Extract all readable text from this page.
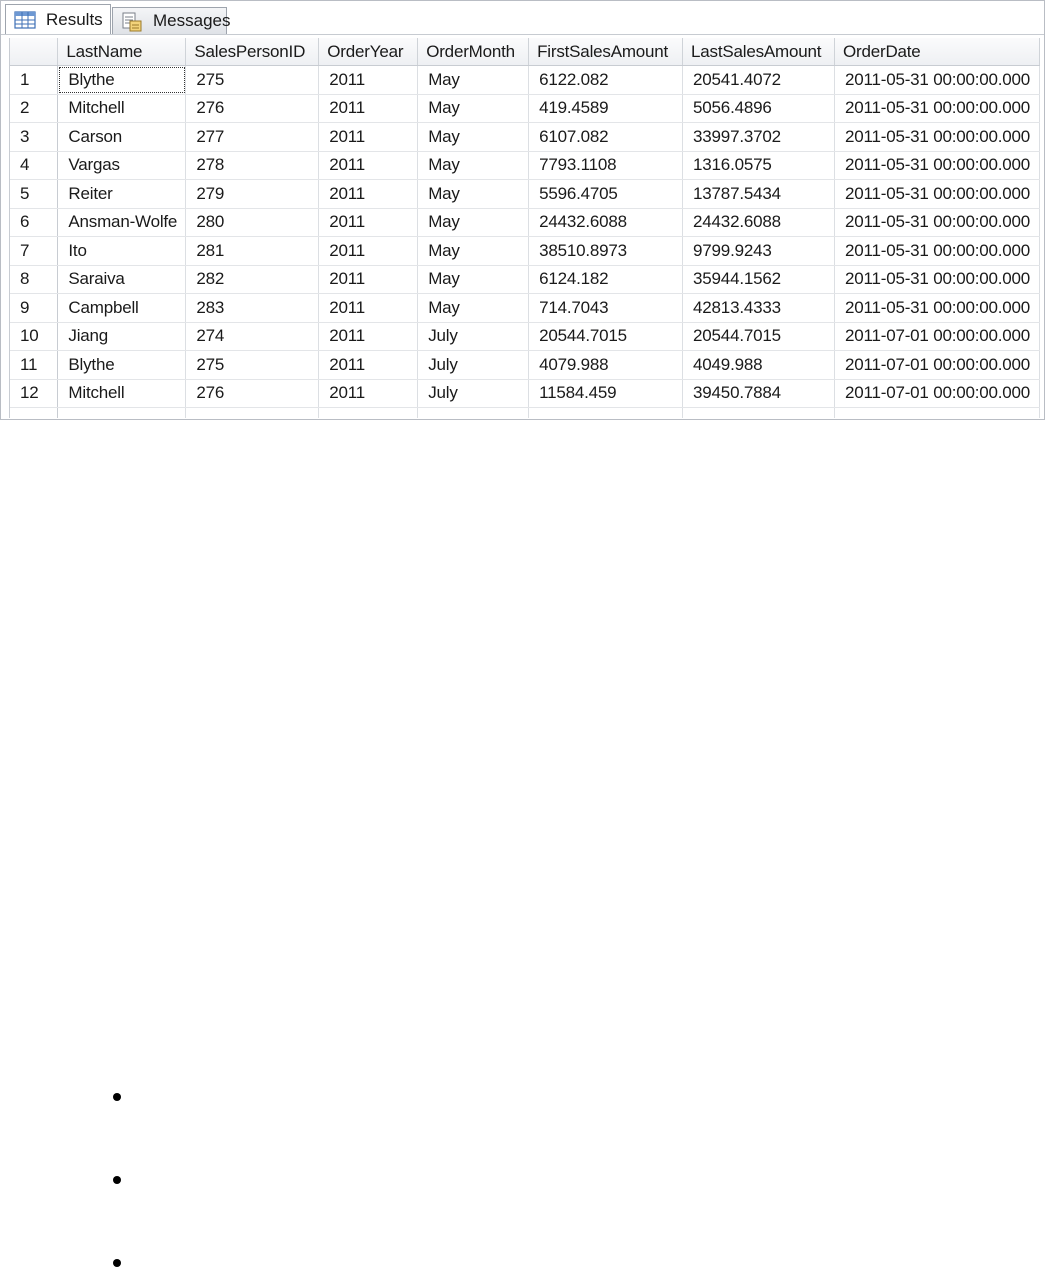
Results	Messages
	LastName	SalesPersonID	OrderYear	OrderMonth	FirstSalesAmount	LastSalesAmount	OrderDate
1	Blythe	275	2011	May	6122.082	20541.4072	2011-05-31 00:00:00.000
2	Mitchell	276	2011	May	419.4589	5056.4896	2011-05-31 00:00:00.000
3	Carson	277	2011	May	6107.082	33997.3702	2011-05-31 00:00:00.000
4	Vargas	278	2011	May	7793.1108	1316.0575	2011-05-31 00:00:00.000
5	Reiter	279	2011	May	5596.4705	13787.5434	2011-05-31 00:00:00.000
6	Ansman-Wolfe	280	2011	May	24432.6088	24432.6088	2011-05-31 00:00:00.000
7	Ito	281	2011	May	38510.8973	9799.9243	2011-05-31 00:00:00.000
8	Saraiva	282	2011	May	6124.182	35944.1562	2011-05-31 00:00:00.000
9	Campbell	283	2011	May	714.7043	42813.4333	2011-05-31 00:00:00.000
10	Jiang	274	2011	July	20544.7015	20544.7015	2011-07-01 00:00:00.000
11	Blythe	275	2011	July	4079.988	4049.988	2011-07-01 00:00:00.000
12	Mitchell	276	2011	July	11584.459	39450.7884	2011-07-01 00:00:00.000
